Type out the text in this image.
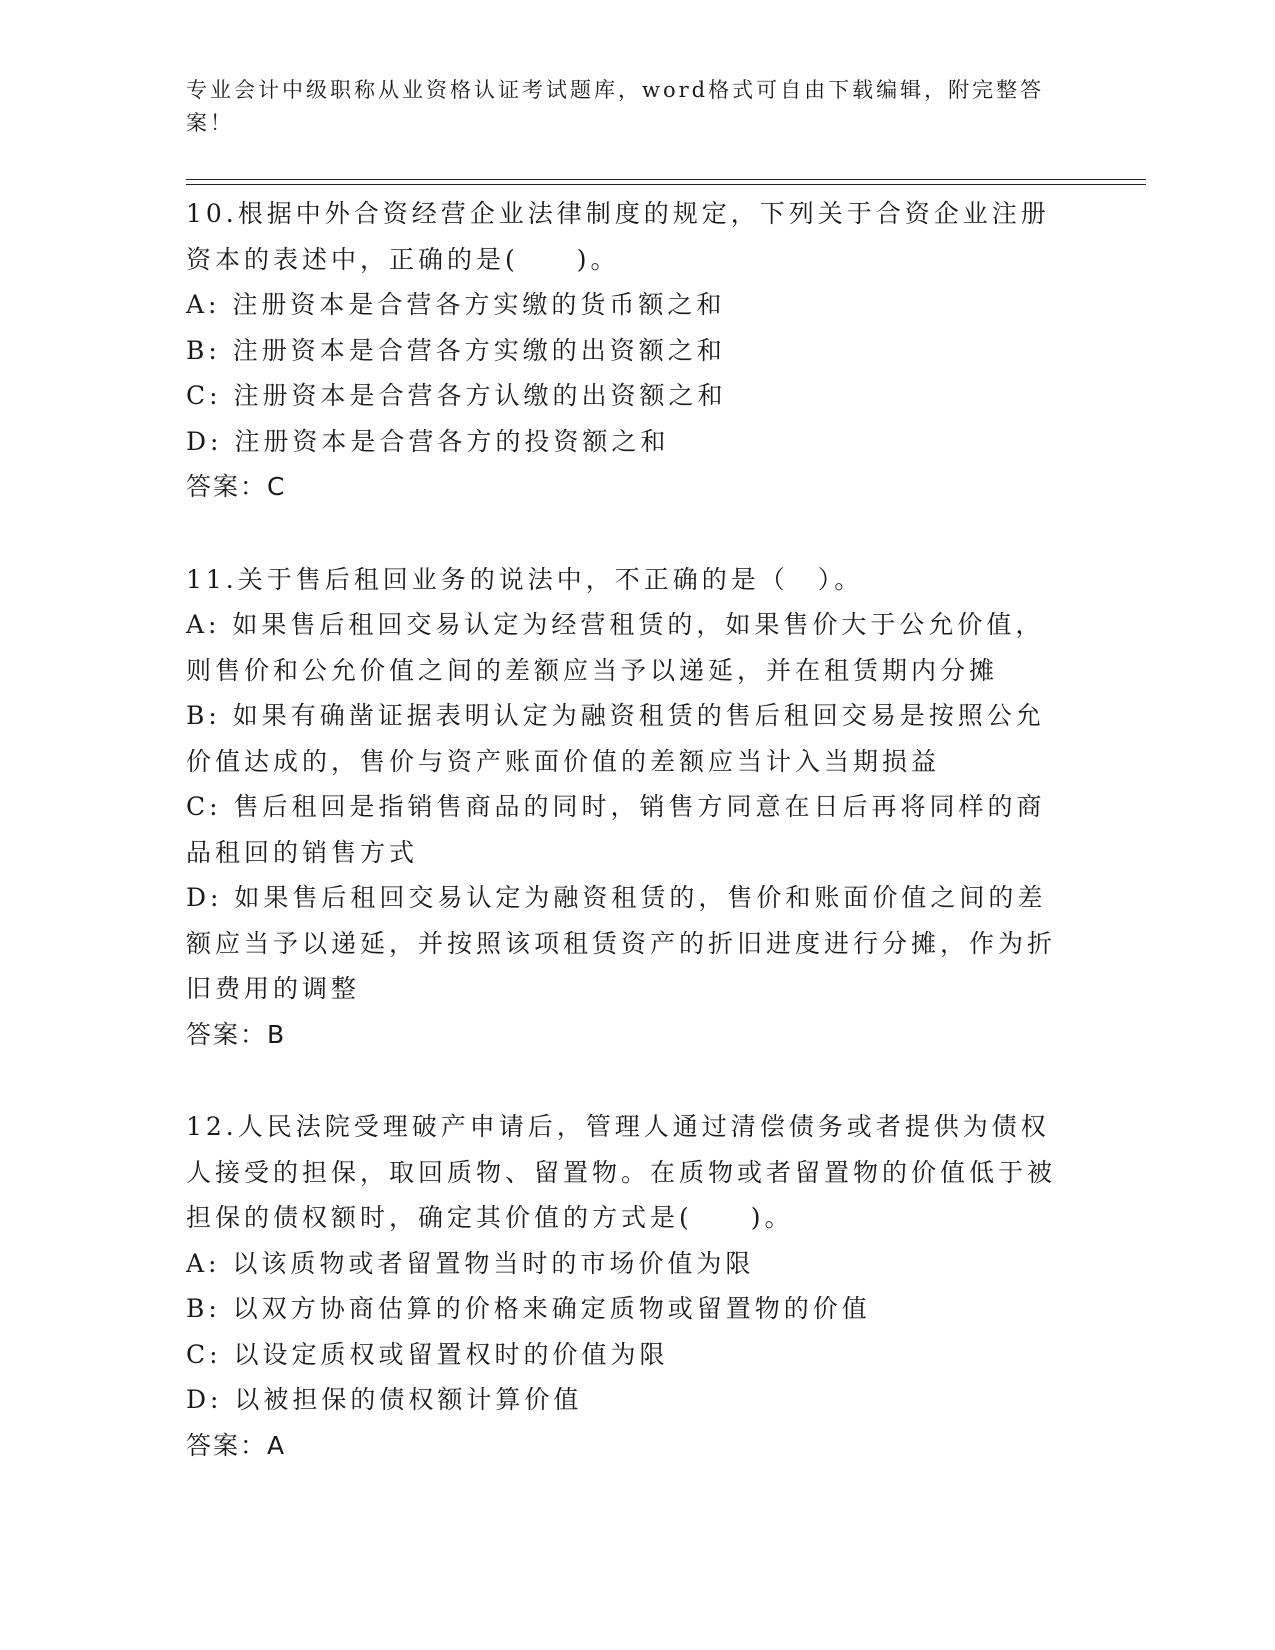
专业会计中级职称从业资格认证考试题库，word格式可自由下载编辑，附完整答案！
10.根据中外合资经营企业法律制度的规定，下列关于合资企业注册资本的表述中，正确的是(　　)。
A: 注册资本是合营各方实缴的货币额之和
B: 注册资本是合营各方实缴的出资额之和
C: 注册资本是合营各方认缴的出资额之和
D: 注册资本是合营各方的投资额之和
答案：C
11.关于售后租回业务的说法中，不正确的是（　）。
A: 如果售后租回交易认定为经营租赁的，如果售价大于公允价值，则售价和公允价值之间的差额应当予以递延，并在租赁期内分摊
B: 如果有确凿证据表明认定为融资租赁的售后租回交易是按照公允价值达成的，售价与资产账面价值的差额应当计入当期损益
C: 售后租回是指销售商品的同时，销售方同意在日后再将同样的商品租回的销售方式
D: 如果售后租回交易认定为融资租赁的，售价和账面价值之间的差额应当予以递延，并按照该项租赁资产的折旧进度进行分摊，作为折旧费用的调整
答案：B
12.人民法院受理破产申请后，管理人通过清偿债务或者提供为债权人接受的担保，取回质物、留置物。在质物或者留置物的价值低于被担保的债权额时，确定其价值的方式是(　　)。
A: 以该质物或者留置物当时的市场价值为限
B: 以双方协商估算的价格来确定质物或留置物的价值
C: 以设定质权或留置权时的价值为限
D: 以被担保的债权额计算价值
答案：A
